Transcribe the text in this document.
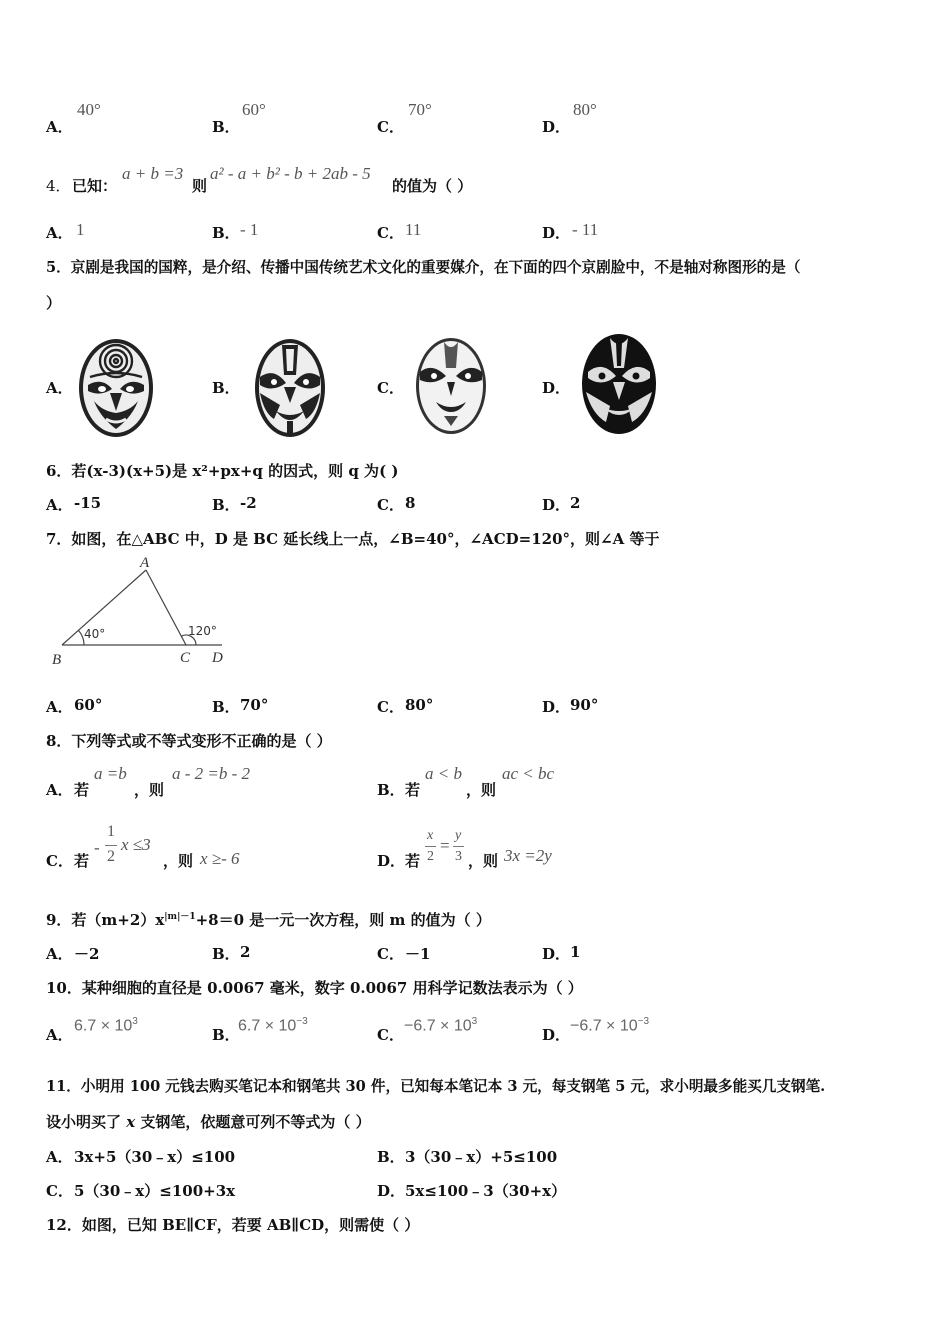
A．
40°
B．
60°
C．
70°
D．
80°
4． 已知：
a + b =3
则
a² - a + b² - b + 2ab - 5
的值为（ ）
A． 1	B． - 1	C． 11	D． - 11
5．京剧是我国的国粹，是介绍、传播中国传统艺术文化的重要媒介，在下面的四个京剧脸中，不是轴对称图形的是（
）
A．	B．	C．	D．
6．若(x-3)(x+5)是 x²+px+q 的因式，则 q 为( )
A． -15	B． -2	C． 8	D． 2
7．如图，在△ABC 中，D 是 BC 延长线上一点，∠B=40°，∠ACD=120°，则∠A 等于
A
B	C D
40°	120°
A． 60°	B． 70°	C． 80°	D． 90°
8．下列等式或不等式变形不正确的是（ ）
A． 若
a =b
，则
a - 2 =b - 2
B． 若
a < b
，则
ac < bc
C． 若
-
1
2
x ≤3
，则 x ≥- 6	D． 若
x
2
=
y
3 ，则 3x =2y
9．若$(m+2)x^{|m|-1}+8=0$ 是一元一次方程，则 m 的值为（ ）
A． －2	B． 2	C． －1	D． 1
10．某种细胞的直径是 0.0067 毫米，数字 0.0067 用科学记数法表示为（ ）
A．
$6.7 \times 10^3$
B．
$6.7 \times 10^{-3}$
C．
$-6.7 \times 10^3$
D．
$-6.7 \times 10^{-3}$
11．小明用 100 元钱去购买笔记本和钢笔共 30 件，已知每本笔记本 3 元，每支钢笔 5 元，求小明最多能买几支钢笔.
设小明买了 x 支钢笔，依题意可列不等式为（ ）
A． 3x+5（30﹣x）≤100	B． 3（30﹣x）+5≤100
C． 5（30﹣x）≤100+3x	D． 5x≤100﹣3（30+x）
12．如图，已知 BE∥CF，若要 AB∥CD，则需使（ ）
